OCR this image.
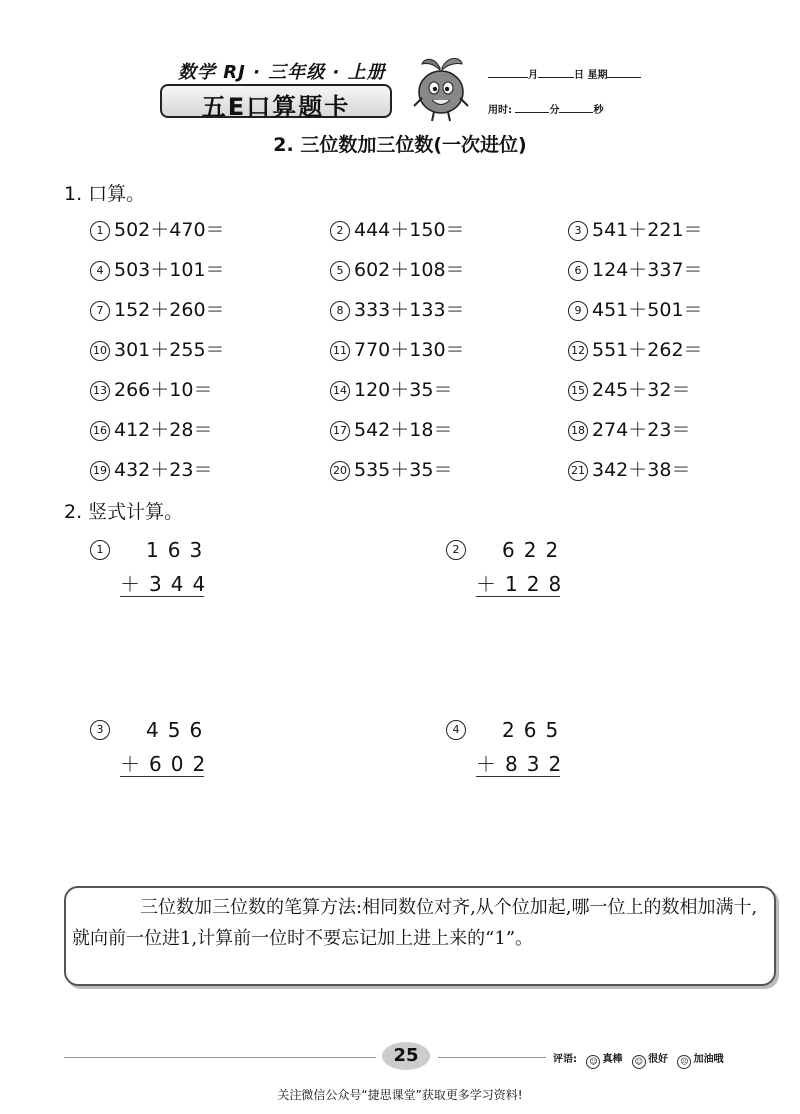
数学 RJ · 三年级 · 上册
五E口算题卡
月	日 星期
用时:	分	秒
2. 三位数加三位数(一次进位)
1. 口算。
1 502＋470＝	2 444＋150＝	3 541＋221＝
4 503＋101＝	5 602＋108＝	6 124＋337＝
7 152＋260＝	8 333＋133＝	9 451＋501＝
10 301＋255＝	11 770＋130＝	12 551＋262＝
13 266＋10＝	14 120＋35＝	15 245＋32＝
16 412＋28＝	17 542＋18＝	18 274＋23＝
19 432＋23＝	20 535＋35＝	21 342＋38＝
2. 竖式计算。
1	163
＋344
2	622
＋128
3	456
＋602
4	265
＋832
三位数加三位数的笔算方法:相同数位对齐,从个位加起,哪一位上的数相加满十,就向前一位进1,计算前一位时不要忘记加上进上来的“1”。
25	评语: ☺ 真棒 ☺ 很好 ☹ 加油哦
关注微信公众号“捷思课堂”获取更多学习资料!
